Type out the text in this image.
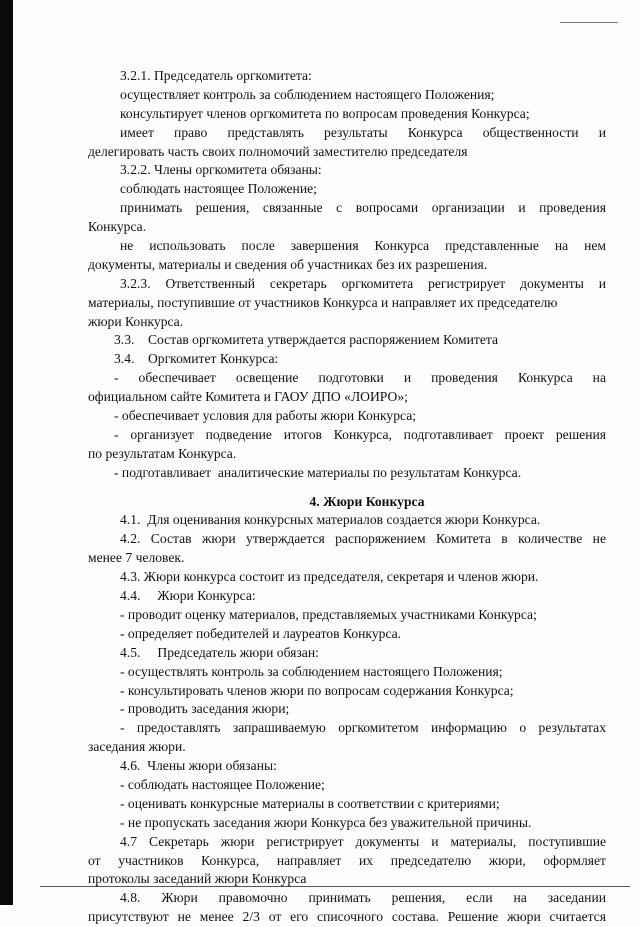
3.2.1. Председатель оргкомитета:
осуществляет контроль за соблюдением настоящего Положения;
консультирует членов оргкомитета по вопросам проведения Конкурса;
имеет право представлять результаты Конкурса общественности и
делегировать часть своих полномочий заместителю председателя
3.2.2. Члены оргкомитета обязаны:
соблюдать настоящее Положение;
принимать решения, связанные с вопросами организации и проведения
Конкурса.
не использовать после завершения Конкурса представленные на нем
документы, материалы и сведения об участниках без их разрешения.
3.2.3. Ответственный секретарь оргкомитета регистрирует документы и
материалы, поступившие от участников Конкурса и направляет их председателю
жюри Конкурса.
3.3.    Состав оргкомитета утверждается распоряжением Комитета
3.4.    Оргкомитет Конкурса:
- обеспечивает освещение подготовки и проведения Конкурса на
официальном сайте Комитета и ГАОУ ДПО «ЛОИРО»;
- обеспечивает условия для работы жюри Конкурса;
- организует подведение итогов Конкурса, подготавливает проект решения
по результатам Конкурса.
- подготавливает  аналитические материалы по результатам Конкурса.
4. Жюри Конкурса
4.1.  Для оценивания конкурсных материалов создается жюри Конкурса.
4.2. Состав жюри утверждается распоряжением Комитета в количестве не
менее 7 человек.
4.3. Жюри конкурса состоит из председателя, секретаря и членов жюри.
4.4.     Жюри Конкурса:
- проводит оценку материалов, представляемых участниками Конкурса;
- определяет победителей и лауреатов Конкурса.
4.5.     Председатель жюри обязан:
- осуществлять контроль за соблюдением настоящего Положения;
- консультировать членов жюри по вопросам содержания Конкурса;
- проводить заседания жюри;
- предоставлять запрашиваемую оргкомитетом информацию о результатах
заседания жюри.
4.6.  Члены жюри обязаны:
- соблюдать настоящее Положение;
- оценивать конкурсные материалы в соответствии с критериями;
- не пропускать заседания жюри Конкурса без уважительной причины.
4.7 Секретарь жюри регистрирует документы и материалы, поступившие
от участников Конкурса, направляет их председателю жюри, оформляет
протоколы заседаний жюри Конкурса
4.8. Жюри правомочно принимать решения, если на заседании
присутствуют не менее 2/3 от его списочного состава. Решение жюри считается
